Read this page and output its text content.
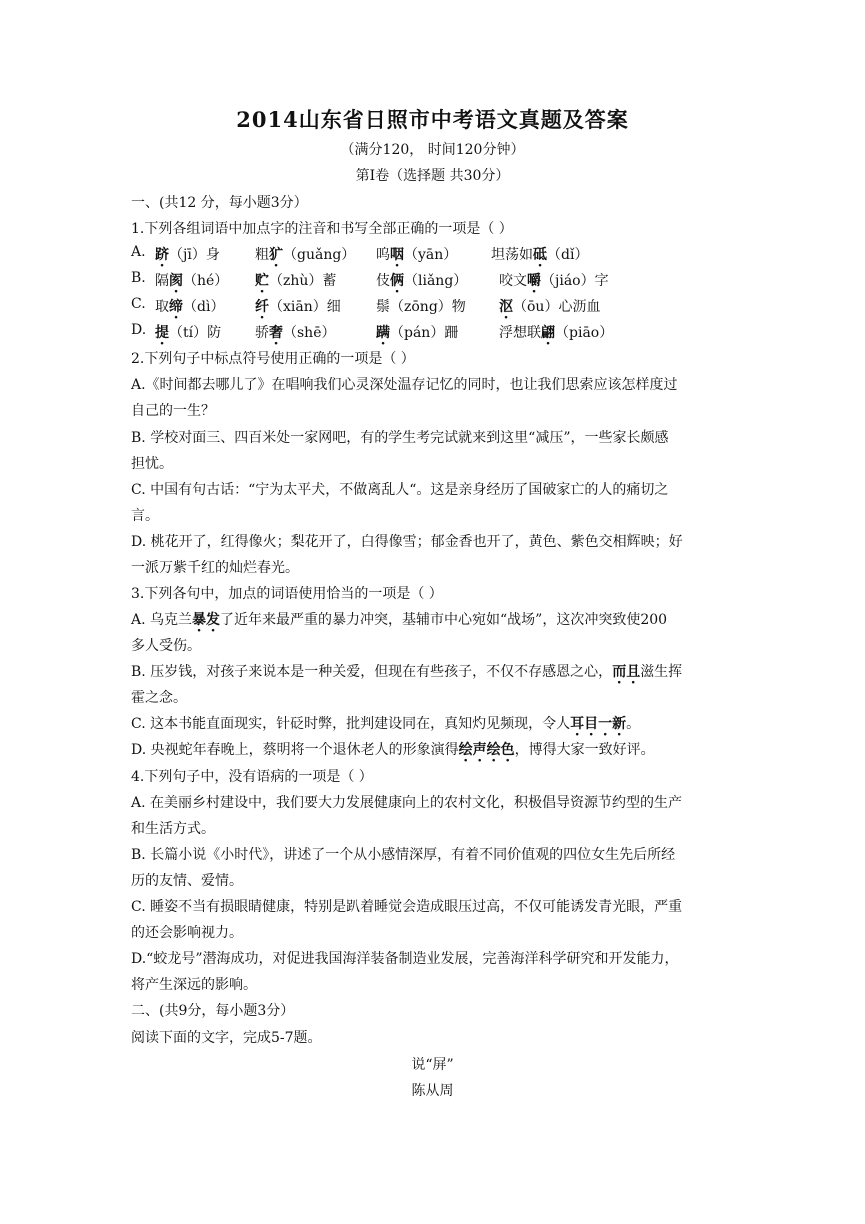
2014山东省日照市中考语文真题及答案
（满分120， 时间120分钟）
第Ⅰ卷（选择题 共30分）
一、(共12 分，每小题3分）
1.下列各组词语中加点字的注音和书写全部正确的一项是（ ）
A. 跻（jī）身	粗犷（guǎng） 呜咽（yān） 坦荡如砥（dǐ）
B. 隔阂（hé） 贮（zhù）蓄	伎俩（liǎng） 咬文嚼（jiáo）字
C. 取缔（dì） 纤（xiān）细	鬃（zōng）物 沤（ōu）心沥血
D. 提（tí）防 骄奢（shē）	蹒（pán）跚	浮想联翩（piāo）
2.下列句子中标点符号使用正确的一项是（ ）
A.《时间都去哪儿了》在唱响我们心灵深处温存记忆的同时，也让我们思索应该怎样度过
自己的一生？
B. 学校对面三、四百米处一家网吧，有的学生考完试就来到这里“减压”，一些家长颇感
担忧。
C. 中国有句古话：“宁为太平犬，不做离乱人“。这是亲身经历了国破家亡的人的痛切之
言。
D. 桃花开了，红得像火；梨花开了，白得像雪；郁金香也开了，黄色、紫色交相辉映；好
一派万紫千红的灿烂春光。
3.下列各句中，加点的词语使用恰当的一项是（ ）
A. 乌克兰暴发了近年来最严重的暴力冲突，基辅市中心宛如“战场”，这次冲突致使200
多人受伤。
B. 压岁钱，对孩子来说本是一种关爱，但现在有些孩子，不仅不存感恩之心，而且滋生挥
霍之念。
C. 这本书能直面现实，针砭时弊，批判建设同在，真知灼见频现，令人耳目一新。
D. 央视蛇年春晚上，蔡明将一个退休老人的形象演得绘声绘色，博得大家一致好评。
4.下列句子中，没有语病的一项是（ ）
A. 在美丽乡村建设中，我们要大力发展健康向上的农村文化，积极倡导资源节约型的生产
和生活方式。
B. 长篇小说《小时代》，讲述了一个从小感情深厚，有着不同价值观的四位女生先后所经
历的友情、爱情。
C. 睡姿不当有损眼睛健康，特别是趴着睡觉会造成眼压过高，不仅可能诱发青光眼，严重
的还会影响视力。
D.“蛟龙号”潜海成功，对促进我国海洋装备制造业发展，完善海洋科学研究和开发能力，
将产生深远的影响。
二、(共9分，每小题3分）
阅读下面的文字，完成5-7题。
说“屏”
陈从周
